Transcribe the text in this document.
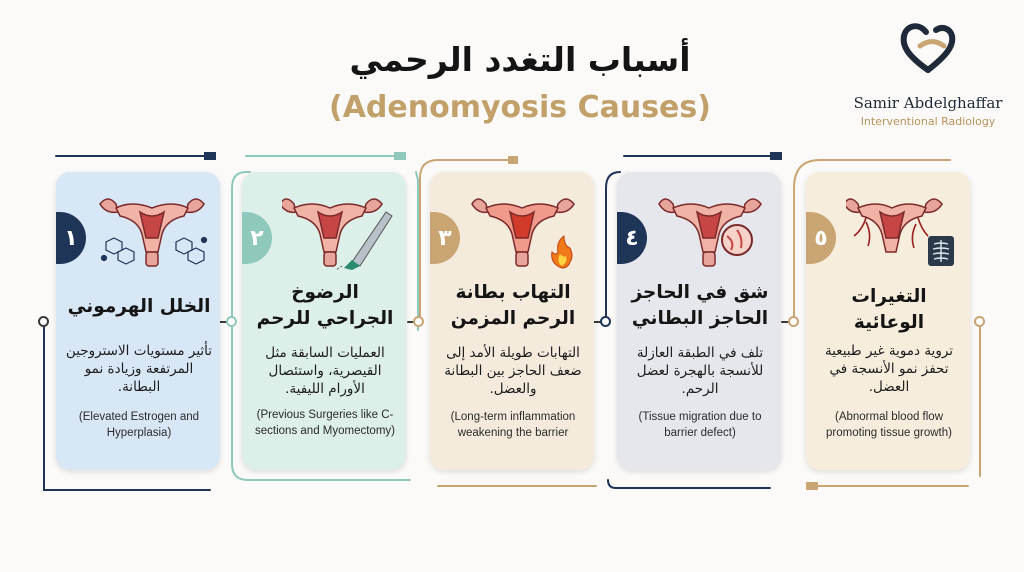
أسباب التغدد الرحمي
(Adenomyosis Causes)	Samir Abdelghaffar
Interventional Radiology
١
الخلل الهرموني
تأثير مستويات الاستروجين المرتفعة وزيادة نمو البطانة.
(Elevated Estrogen and Hyperplasia)
٢
الرضوخ الجراحي للرحم
العمليات السابقة مثل القيصرية، واستئصال الأورام الليفية.
(Previous Surgeries like C-sections and Myomectomy)
٣
التهاب بطانة الرحم المزمن
التهابات طويلة الأمد إلى ضعف الحاجز بين البطانة والعضل.
(Long-term inflammation weakening the barrier
٤
شق في الحاجز الحاجز البطاني
تلف في الطبقة العازلة للأنسجة بالهجرة لعضل الرحم.
(Tissue migration due to barrier defect)
٥
التغيرات الوعائية
تروية دموية غير طبيعية تحفز نمو الأنسجة في العضل.
(Abnormal blood flow promoting tissue growth)
